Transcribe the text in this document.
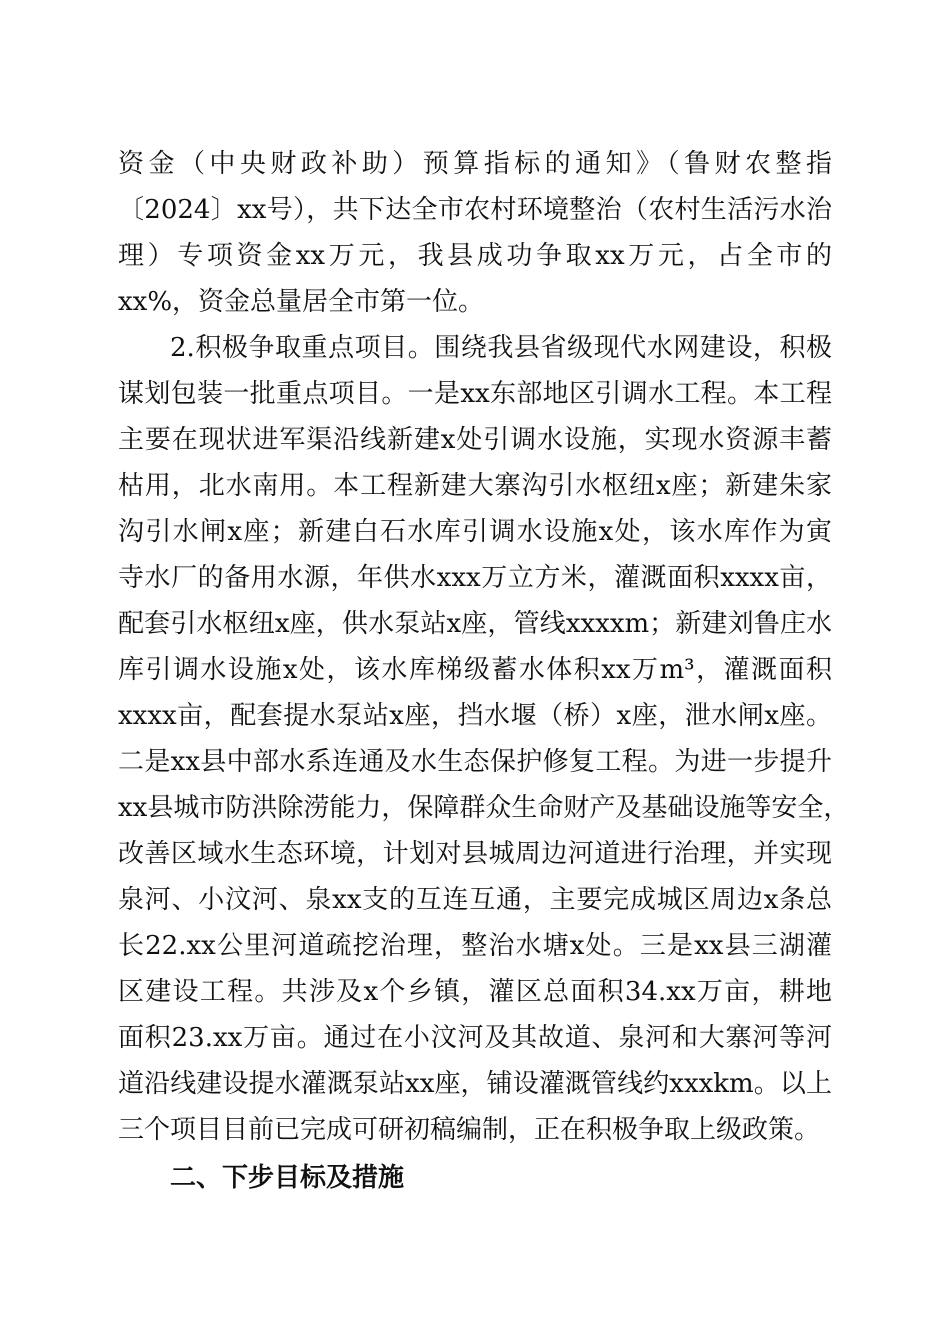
资金（中央财政补助）预算指标的通知》（鲁财农整指
〔2024〕xx号），共下达全市农村环境整治（农村生活污水治
理）专项资金xx万元，我县成功争取xx万元，占全市的
xx%，资金总量居全市第一位。
2.积极争取重点项目。围绕我县省级现代水网建设，积极
谋划包装一批重点项目。一是xx东部地区引调水工程。本工程
主要在现状进军渠沿线新建x处引调水设施，实现水资源丰蓄
枯用，北水南用。本工程新建大寨沟引水枢纽x座；新建朱家
沟引水闸x座；新建白石水库引调水设施x处，该水库作为寅
寺水厂的备用水源，年供水xxx万立方米，灌溉面积xxxx亩，
配套引水枢纽x座，供水泵站x座，管线xxxxm；新建刘鲁庄水
库引调水设施x处，该水库梯级蓄水体积xx万m³，灌溉面积
xxxx亩，配套提水泵站x座，挡水堰（桥）x座，泄水闸x座。
二是xx县中部水系连通及水生态保护修复工程。为进一步提升
xx县城市防洪除涝能力，保障群众生命财产及基础设施等安全，
改善区域水生态环境，计划对县城周边河道进行治理，并实现
泉河、小汶河、泉xx支的互连互通，主要完成城区周边x条总
长22.xx公里河道疏挖治理，整治水塘x处。三是xx县三湖灌
区建设工程。共涉及x个乡镇，灌区总面积34.xx万亩，耕地
面积23.xx万亩。通过在小汶河及其故道、泉河和大寨河等河
道沿线建设提水灌溉泵站xx座，铺设灌溉管线约xxxkm。以上
二、下步目标及措施
三个项目目前已完成可研初稿编制，正在积极争取上级政策。
